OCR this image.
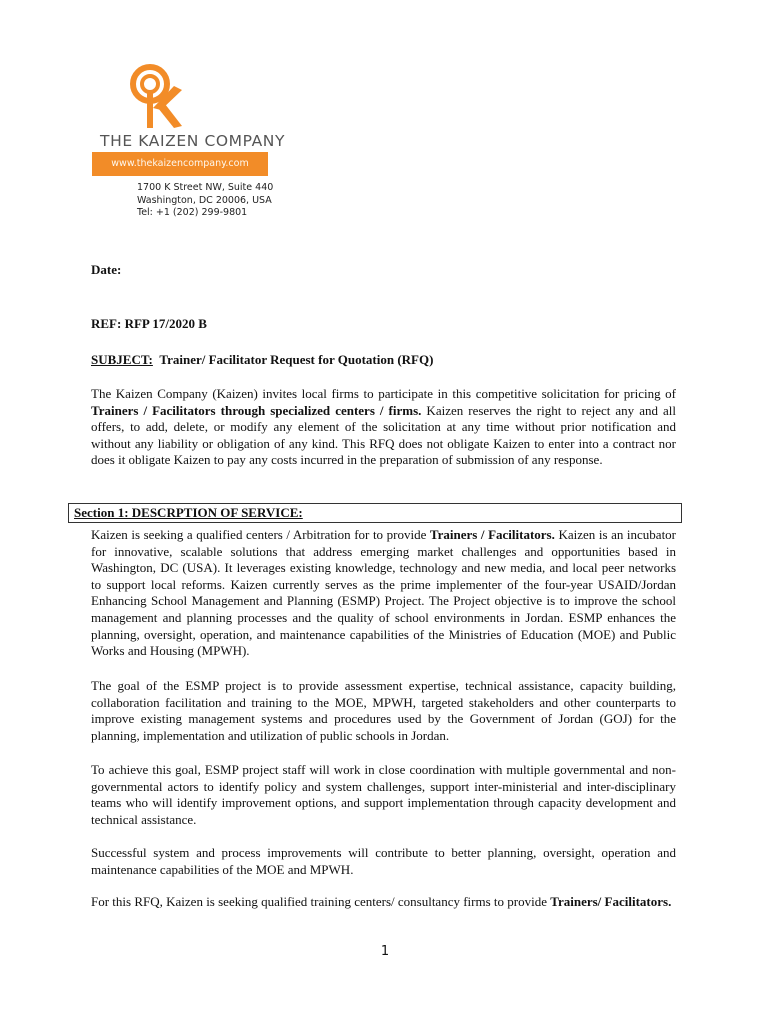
THE KAIZEN COMPANY
www.thekaizencompany.com
1700 K Street NW, Suite 440
Washington, DC 20006, USA
Tel: +1 (202) 299-9801
Date:
REF: RFP 17/2020 B
SUBJECT: Trainer/ Facilitator Request for Quotation (RFQ)
The Kaizen Company (Kaizen) invites local firms to participate in this competitive solicitation for pricing of Trainers / Facilitators through specialized centers / firms. Kaizen reserves the right to reject any and all offers, to add, delete, or modify any element of the solicitation at any time without prior notification and without any liability or obligation of any kind. This RFQ does not obligate Kaizen to enter into a contract nor does it obligate Kaizen to pay any costs incurred in the preparation of submission of any response.
Section 1: DESCRPTION OF SERVICE:
Kaizen is seeking a qualified centers / Arbitration for to provide Trainers / Facilitators. Kaizen is an incubator for innovative, scalable solutions that address emerging market challenges and opportunities based in Washington, DC (USA). It leverages existing knowledge, technology and new media, and local peer networks to support local reforms. Kaizen currently serves as the prime implementer of the four-year USAID/Jordan Enhancing School Management and Planning (ESMP) Project. The Project objective is to improve the school management and planning processes and the quality of school environments in Jordan. ESMP enhances the planning, oversight, operation, and maintenance capabilities of the Ministries of Education (MOE) and Public Works and Housing (MPWH).
The goal of the ESMP project is to provide assessment expertise, technical assistance, capacity building, collaboration facilitation and training to the MOE, MPWH, targeted stakeholders and other counterparts to improve existing management systems and procedures used by the Government of Jordan (GOJ) for the planning, implementation and utilization of public schools in Jordan.
To achieve this goal, ESMP project staff will work in close coordination with multiple governmental and non-governmental actors to identify policy and system challenges, support inter-ministerial and inter-disciplinary teams who will identify improvement options, and support implementation through capacity development and technical assistance.
Successful system and process improvements will contribute to better planning, oversight, operation and maintenance capabilities of the MOE and MPWH.
For this RFQ, Kaizen is seeking qualified training centers/ consultancy firms to provide Trainers/ Facilitators.
1
